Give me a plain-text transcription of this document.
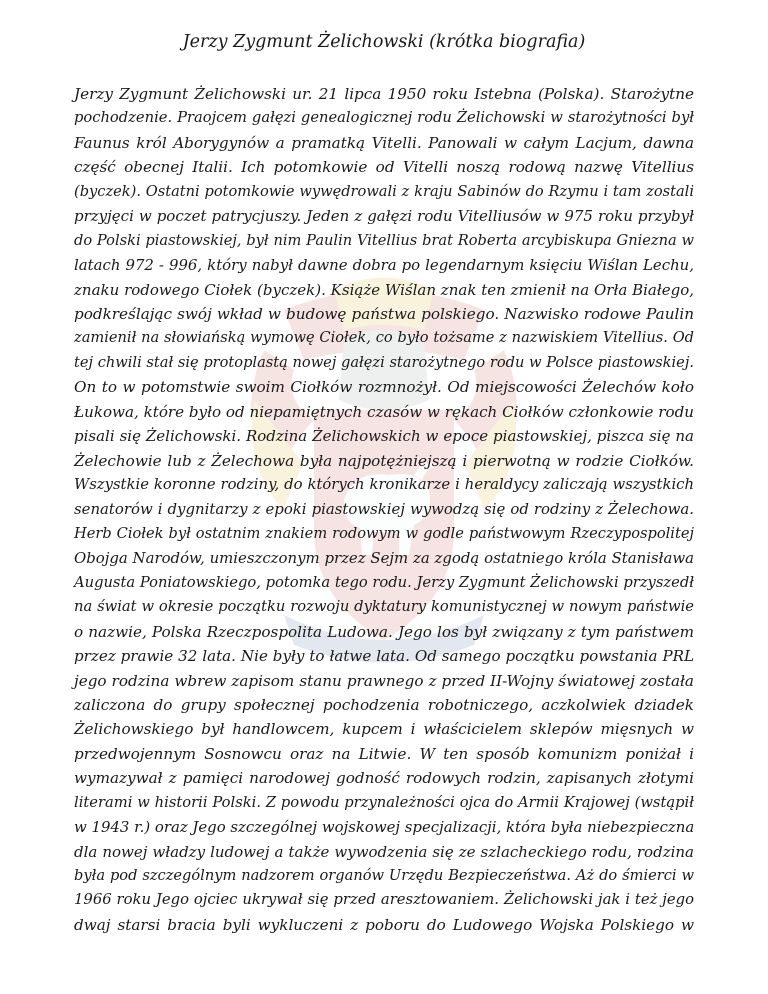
Jerzy Zygmunt Żelichowski (krótka biografia)
Jerzy Zygmunt Żelichowski ur. 21 lipca 1950 roku Istebna (Polska). Starożytne
pochodzenie. Praojcem gałęzi genealogicznej rodu Żelichowski w starożytności był
Faunus król Aborygynów a pramatką Vitelli. Panowali w całym Lacjum, dawna
część obecnej Italii. Ich potomkowie od Vitelli noszą rodową nazwę Vitellius
(byczek). Ostatni potomkowie wywędrowali z kraju Sabinów do Rzymu i tam zostali
przyjęci w poczet patrycjuszy. Jeden z gałęzi rodu Vitelliusów w 975 roku przybył
do Polski piastowskiej, był nim Paulin Vitellius brat Roberta arcybiskupa Gniezna w
latach 972 - 996, który nabył dawne dobra po legendarnym księciu Wiślan Lechu,
znaku rodowego Ciołek (byczek). Książe Wiślan znak ten zmienił na Orła Białego,
podkreślając swój wkład w budowę państwa polskiego. Nazwisko rodowe Paulin
zamienił na słowiańską wymowę Ciołek, co było tożsame z nazwiskiem Vitellius. Od
tej chwili stał się protoplastą nowej gałęzi starożytnego rodu w Polsce piastowskiej.
On to w potomstwie swoim Ciołków rozmnożył. Od miejscowości Żelechów koło
Łukowa, które było od niepamiętnych czasów w rękach Ciołków członkowie rodu
pisali się Żelichowski. Rodzina Żelichowskich w epoce piastowskiej, piszca się na
Żelechowie lub z Żelechowa była najpotężniejszą i pierwotną w rodzie Ciołków.
Wszystkie koronne rodziny, do których kronikarze i heraldycy zaliczają wszystkich
senatorów i dygnitarzy z epoki piastowskiej wywodzą się od rodziny z Żelechowa.
Herb Ciołek był ostatnim znakiem rodowym w godle państwowym Rzeczypospolitej
Obojga Narodów, umieszczonym przez Sejm za zgodą ostatniego króla Stanisława
Augusta Poniatowskiego, potomka tego rodu. Jerzy Zygmunt Żelichowski przyszedł
na świat w okresie początku rozwoju dyktatury komunistycznej w nowym państwie
o nazwie, Polska Rzeczpospolita Ludowa. Jego los był związany z tym państwem
przez prawie 32 lata. Nie były to łatwe lata. Od samego początku powstania PRL
jego rodzina wbrew zapisom stanu prawnego z przed II-Wojny światowej została
zaliczona do grupy społecznej pochodzenia robotniczego, aczkolwiek dziadek
Żelichowskiego był handlowcem, kupcem i właścicielem sklepów mięsnych w
przedwojennym Sosnowcu oraz na Litwie. W ten sposób komunizm poniżał i
wymazywał z pamięci narodowej godność rodowych rodzin, zapisanych złotymi
literami w historii Polski. Z powodu przynależności ojca do Armii Krajowej (wstąpił
w 1943 r.) oraz Jego szczególnej wojskowej specjalizacji, która była niebezpieczna
dla nowej władzy ludowej a także wywodzenia się ze szlacheckiego rodu, rodzina
była pod szczególnym nadzorem organów Urzędu Bezpieczeństwa. Aż do śmierci w
1966 roku Jego ojciec ukrywał się przed aresztowaniem. Żelichowski jak i też jego
dwaj starsi bracia byli wykluczeni z poboru do Ludowego Wojska Polskiego w
